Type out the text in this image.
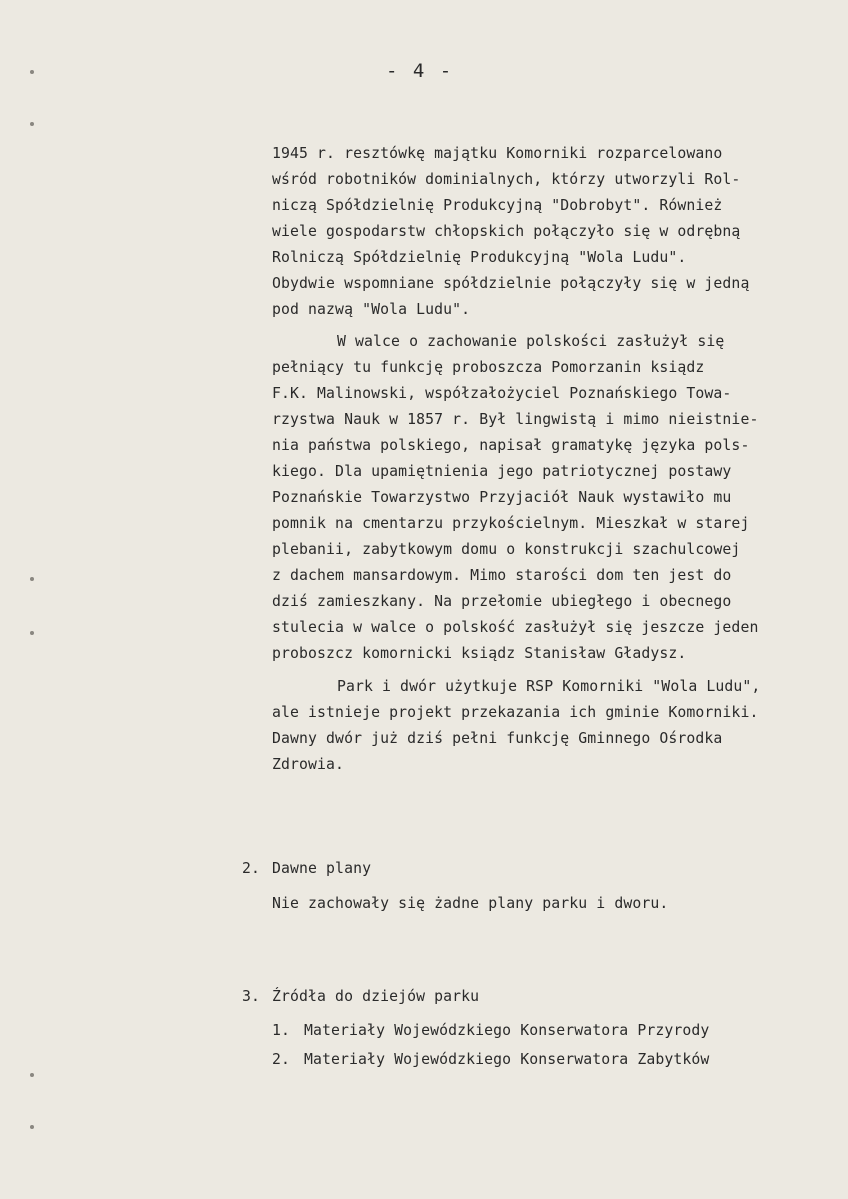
- 4 -
1945 r. resztówkę majątku Komorniki rozparcelowano
wśród robotników dominialnych, którzy utworzyli Rol-
niczą Spółdzielnię Produkcyjną "Dobrobyt". Również
wiele gospodarstw chłopskich połączyło się w odrębną
Rolniczą Spółdzielnię Produkcyjną "Wola Ludu".
Obydwie wspomniane spółdzielnie połączyły się w jedną
pod nazwą "Wola Ludu".
W walce o zachowanie polskości zasłużył się
pełniący tu funkcję proboszcza Pomorzanin ksiądz
F.K. Malinowski, współzałożyciel Poznańskiego Towa-
rzystwa Nauk w 1857 r. Był lingwistą i mimo nieistnie-
nia państwa polskiego, napisał gramatykę języka pols-
kiego. Dla upamiętnienia jego patriotycznej postawy
Poznańskie Towarzystwo Przyjaciół Nauk wystawiło mu
pomnik na cmentarzu przykościelnym. Mieszkał w starej
plebanii, zabytkowym domu o konstrukcji szachulcowej
z dachem mansardowym. Mimo starości dom ten jest do
dziś zamieszkany. Na przełomie ubiegłego i obecnego
stulecia w walce o polskość zasłużył się jeszcze jeden
proboszcz komornicki ksiądz Stanisław Gładysz.
Park i dwór użytkuje RSP Komorniki "Wola Ludu",
ale istnieje projekt przekazania ich gminie Komorniki.
Dawny dwór już dziś pełni funkcję Gminnego Ośrodka
Zdrowia.
2. Dawne plany
Nie zachowały się żadne plany parku i dworu.
3. Źródła do dziejów parku
1. Materiały Wojewódzkiego Konserwatora Przyrody
2. Materiały Wojewódzkiego Konserwatora Zabytków
